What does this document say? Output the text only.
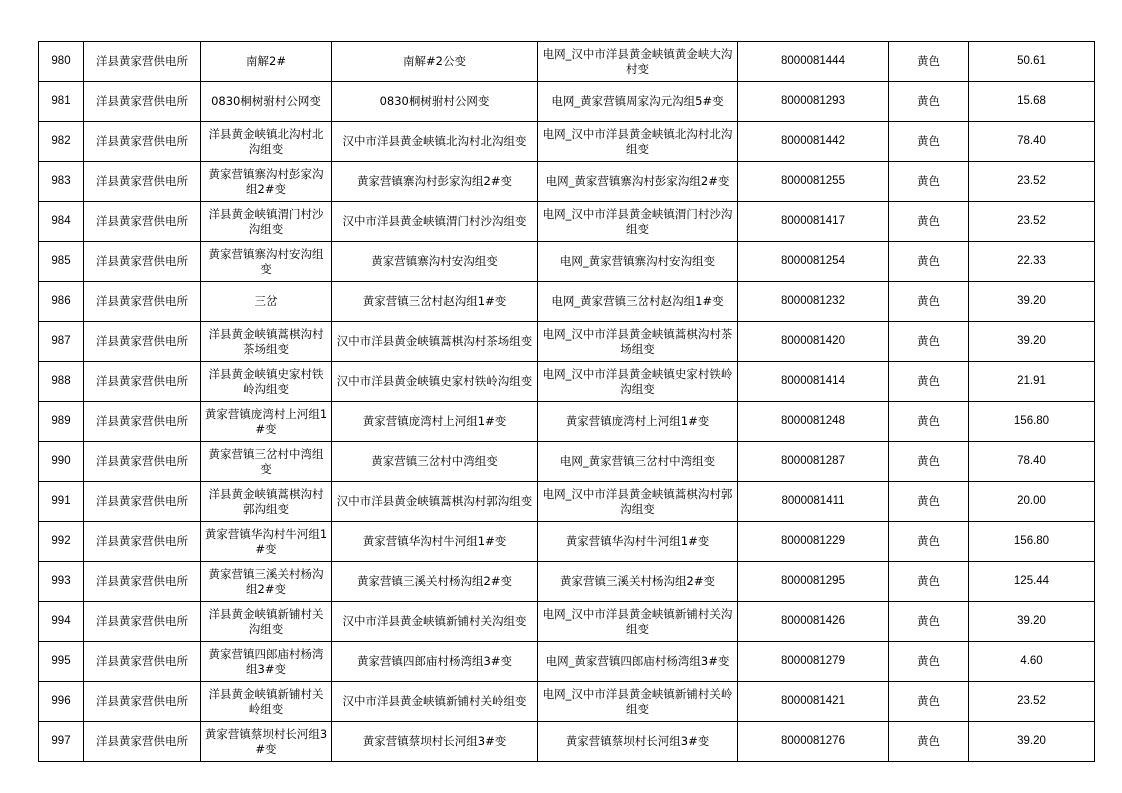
980	洋县黄家营供电所	南解2#	南解#2公变	电网_汉中市洋县黄金峡镇黄金峡大沟村变	8000081444	黄色	50.61
981	洋县黄家营供电所	0830桐树驸村公网变	0830桐树驸村公网变	电网_黄家营镇周家沟元沟组5#变	8000081293	黄色	15.68
982	洋县黄家营供电所	洋县黄金峡镇北沟村北沟组变	汉中市洋县黄金峡镇北沟村北沟组变	电网_汉中市洋县黄金峡镇北沟村北沟组变	8000081442	黄色	78.40
983	洋县黄家营供电所	黄家营镇寨沟村彭家沟组2#变	黄家营镇寨沟村彭家沟组2#变	电网_黄家营镇寨沟村彭家沟组2#变	8000081255	黄色	23.52
984	洋县黄家营供电所	洋县黄金峡镇渭门村沙沟组变	汉中市洋县黄金峡镇渭门村沙沟组变	电网_汉中市洋县黄金峡镇渭门村沙沟组变	8000081417	黄色	23.52
985	洋县黄家营供电所	黄家营镇寨沟村安沟组变	黄家营镇寨沟村安沟组变	电网_黄家营镇寨沟村安沟组变	8000081254	黄色	22.33
986	洋县黄家营供电所	三岔	黄家营镇三岔村赵沟组1#变	电网_黄家营镇三岔村赵沟组1#变	8000081232	黄色	39.20
987	洋县黄家营供电所	洋县黄金峡镇蒿棋沟村茶场组变	汉中市洋县黄金峡镇蒿棋沟村茶场组变	电网_汉中市洋县黄金峡镇蒿棋沟村茶场组变	8000081420	黄色	39.20
988	洋县黄家营供电所	洋县黄金峡镇史家村铁岭沟组变	汉中市洋县黄金峡镇史家村铁岭沟组变	电网_汉中市洋县黄金峡镇史家村铁岭沟组变	8000081414	黄色	21.91
989	洋县黄家营供电所	黄家营镇庞湾村上河组1#变	黄家营镇庞湾村上河组1#变	黄家营镇庞湾村上河组1#变	8000081248	黄色	156.80
990	洋县黄家营供电所	黄家营镇三岔村中湾组变	黄家营镇三岔村中湾组变	电网_黄家营镇三岔村中湾组变	8000081287	黄色	78.40
991	洋县黄家营供电所	洋县黄金峡镇蒿棋沟村郭沟组变	汉中市洋县黄金峡镇蒿棋沟村郭沟组变	电网_汉中市洋县黄金峡镇蒿棋沟村郭沟组变	8000081411	黄色	20.00
992	洋县黄家营供电所	黄家营镇华沟村牛河组1#变	黄家营镇华沟村牛河组1#变	黄家营镇华沟村牛河组1#变	8000081229	黄色	156.80
993	洋县黄家营供电所	黄家营镇三溪关村杨沟组2#变	黄家营镇三溪关村杨沟组2#变	黄家营镇三溪关村杨沟组2#变	8000081295	黄色	125.44
994	洋县黄家营供电所	洋县黄金峡镇新铺村关沟组变	汉中市洋县黄金峡镇新铺村关沟组变	电网_汉中市洋县黄金峡镇新铺村关沟组变	8000081426	黄色	39.20
995	洋县黄家营供电所	黄家营镇四郎庙村杨湾组3#变	黄家营镇四郎庙村杨湾组3#变	电网_黄家营镇四郎庙村杨湾组3#变	8000081279	黄色	4.60
996	洋县黄家营供电所	洋县黄金峡镇新铺村关岭组变	汉中市洋县黄金峡镇新铺村关岭组变	电网_汉中市洋县黄金峡镇新铺村关岭组变	8000081421	黄色	23.52
997	洋县黄家营供电所	黄家营镇蔡坝村长河组3#变	黄家营镇蔡坝村长河组3#变	黄家营镇蔡坝村长河组3#变	8000081276	黄色	39.20
